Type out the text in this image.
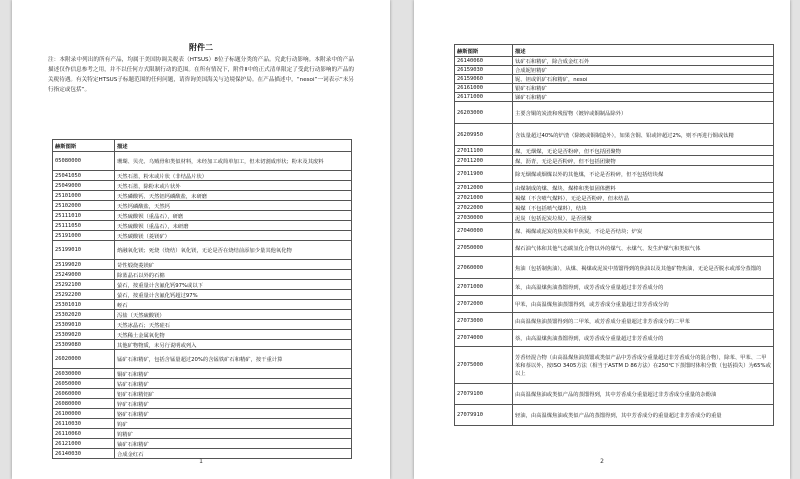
附件二
注：本附录中列出的所有产品，均属于美国协调关税表（HTSUS）8位子标题分类的产品。究此行动影响。本附录中的产品描述仅作信息参考之用，并不以任何方式限制行动的范围。在所有情况下，附件Ⅱ中的正式清单限定了受此行动影响的产品的关税待遇。有关特定HTSUS子标题范围的任何问题，请咨询美国海关与边境保护局。在产品描述中，“nesoi”一词表示“未另行指定或包括”。
赫斯图斯	描述
05080000	珊瑚、贝壳、乌贼骨和类似材料，未经加工或简单加工，但未切割成形状；粉末及其废料
25041050	天然石墨，粉末或片状（非结晶片状）
25049000	天然石墨，除粉末或片状外
25101000	天然磷酸钙、天然铝钙磷酸盐，未研磨
25102000	天然钙磷酸盐，天然钙
25111010	天然硫酸钡（重晶石），研磨
25111050	天然硫酸钡（重晶石），未研磨
25191000	天然碳酸镁（菱镁矿）
25199010	熔融氧化镁；死烧（烧结）氧化镁，无论是否在烧结前添加少量其他氧化物
25199020	苛性煅烧菱镁矿
25249000	除蓝晶石以外的石棉
25292100	萤石，按重量计含氟化钙97%或以下
25292200	萤石，按重量计含氟化钙超过97%
25301010	蛭石
25302020	泻盐（天然硫酸镁）
25309010	天然冰晶石；天然硅石
25309020	天然稀土金属氧化物
25309080	其他矿物物质，未另行说明或列入
26020000	锰矿石和精矿，包括含锰量超过20%的含锰铁矿石和精矿，按干重计算
26030000	铜矿石和精矿
26050000	钴矿石和精矿
26060000	铝矿石和精铝矿
26080000	锌矿石和精矿
26100000	铬矿石和精矿
26110030	钨矿
26110060	钨精矿
26121000	铀矿石和精矿
26140030	合成金红石
1
赫斯图斯	描述
26140060	钛矿石和精矿，除合成金红石外
26159030	合成铌钽精矿
26159060	铌、钽或钒矿石和精矿，nesoi
26161000	银矿石和精矿
26171000	锑矿石和精矿
26203000	主要含铜的炭渣和残留物（镀锌或铜制品除外）
26209950	含钛量超过40%的炉渣（除镀或铜制造外），如果含铜、铅或锌超过2%，则不再进行铜或钛精
27011100	煤，无烟煤，无论是否粉碎，但不包括团聚物
27011200	煤，沥青，无论是否粉碎，但不包括团聚物
27011900	除无烟煤或烟煤以外的其他煤，不论是否粉碎，但不包括结块煤
27012000	由煤制成的煤、煤块、煤棒和类似固体燃料
27021000	褐煤（不含喷气煤料），无论是否粉碎，但未结晶
27022000	褐煤（不包括喷气煤料），结块
27030000	泥炭（包括泥炭垃圾），是否团聚
27040000	煤、褐煤或泥炭的焦炭和半焦炭，不论是否结块；炉炭
27050000	煤石油气体和其他气态碳氢化合物以外的煤气、水煤气、发生炉煤气和类似气体
27060000	焦油（包括制焦油），从煤、褐煤或泥炭中蒸馏得到的焦油以及其他矿物焦油，无论是否脱水或部分蒸馏的
27071000	苯，由高温煤焦油蒸馏得到，或芳香成分重量超过非芳香成分的
27072000	甲苯，由高温煤焦油蒸馏得到，或芳香成分重量超过非芳香成分的
27073000	由高温煤焦油蒸馏得到的二甲苯，或芳香成分重量超过非芳香成分的二甲苯
27074000	萘，由高温煤焦油蒸馏得到，或芳香成分重量超过非芳香成分的
27075000	芳香烃混合物（由高温煤焦油蒸馏或类似产品中芳香成分重量超过非芳香成分的混合物），除苯、甲苯、二甲苯和萘以外，按ISO 3405方法（相当于ASTM D 86方法）在250℃下蒸馏时体积分数（包括损失）为65%或以上
27079100	由高温煤焦油或类似产品的蒸馏得到，其中芳香成分重量超过非芳香成分重量的杂酚油
27079910	轻油，由高温煤焦油或类似产品的蒸馏得到，其中芳香成分的重量超过非芳香成分的重量
2
